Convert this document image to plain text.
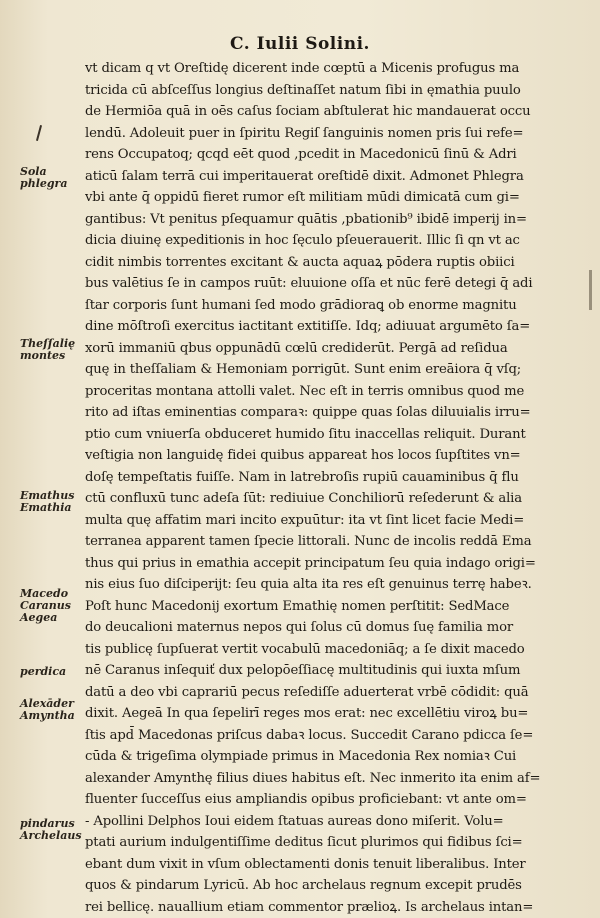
C. Iulii Solini.
vt dicam q vt Oreſtidę dicerent inde cœptū a Micenis profugus ma
tricida cū abſceſſus longius deſtinaſſet natum ſibi in ęmathia puulo
de Hermiōa quā in oēs caſus ſociam abſtulerat hic mandauerat occu
lendū. Adoleuit puer in ſpiritu Regiſ ſanguinis nomen pris ſui refe=
rens Occupatoq; qcqd eēt quod ,pcedit in Macedonicū ſinū & Adri
aticū ſalam terrā cui imperitauerat oreſtidē dixit. Admonet Phlegra
vbi ante q̄ oppidū fieret rumor eſt militiam mūdi dimicatā cum gi=
gantibus: Vt penitus pſequamur quātis ,pbationib⁹ ibidē imperij in=
dicia diuinę expeditionis in hoc ſęculo pſeuerauerit. Illic ſi qn vt ac
cidit nimbis torrentes excitant & aucta aquaꝝ pōdera ruptis obiici
bus valētius ſe in campos ruūt: eluuione oſſa et nūc ferē detegi q̄ adi
ſtar corporis ſunt humani ſed modo grādioraꝗ ob enorme magnitu
dine mōſtroſi exercitus iactitant extitiſſe. Idq; adiuuat argumēto ſa=
xorū immaniū qbus oppunādū cœlū crediderūt. Pergā ad reſidua
quę in theſſaliam & Hemoniam porrigūt. Sunt enim ereāiora q̄ vſq;
proceritas montana attolli valet. Nec eſt in terris omnibus quod me
rito ad iſtas eminentias comparaꝛ: quippe quas ſolas diluuialis irru=
ptio cum vniuerſa obduceret humido ſitu inaccellas reliquit. Durant
veſtigia non languidę fidei quibus appareat hos locos ſupſtites vn=
doſę tempeſtatis fuiſſe. Nam in latrebroſis rupiū cauaminibus q̄ flu
ctū confluxū tunc adeſa ſūt: rediuiue Conchiliorū reſederunt & alia
multa quę affatim mari incito expuūtur: ita vt ſint licet facie Medi=
terranea apparent tamen ſpecie littorali. Nunc de incolis reddā Ema
thus qui prius in emathia accepit principatum ſeu quia indago origi=
nis eius ſuo diſciperijt: ſeu quia alta ita res eſt genuinus terrę habeꝛ.
Poſt hunc Macedonij exortum Emathię nomen perſtitit: SedMace
do deucalioni maternus nepos qui ſolus cū domus ſuę familia mor
tis publicę ſupſuerat vertit vocabulū macedoniāq; a ſe dixit macedo
nē Caranus inſequiť dux pelopōeſſiacę multitudinis qui iuxta mſum
datū a deo vbi caprariū pecus reſediſſe aduerterat vrbē cōdidit: quā
dixit. Aegeā In qua ſepelirī reges mos erat: nec excellētiu viroꝝ bu=
ſtis apd̄ Macedonas priſcus dabaꝛ locus. Succedit Carano pdicca ſe=
cūda & trigeſima olympiade primus in Macedonia Rex nomiaꝛ Cui
alexander Amynthę filius diues habitus eſt. Nec inmerito ita enim af=
fluenter ſucceſſus eius ampliandis opibus proficiebant: vt ante om=
- Apollini Delphos Ioui eidem ſtatuas aureas dono miſerit. Volu=
ptati aurium indulgentiſſime deditus ſicut plurimos qui fidibus ſci=
ebant dum vixit in vſum oblectamenti donis tenuit liberalibus. Inter
quos & pindarum Lyricū. Ab hoc archelaus regnum excepit prudēs
rei bellicę. nauallium etiam commentor prælioꝝ. Is archelaus intan=
Sola
phlegra
Theſſalię
montes
Emathus
Emathia
Macedo
Caranus
Aegea
perdica
Alexāder
Amyntha
pindarus
Archelaus
